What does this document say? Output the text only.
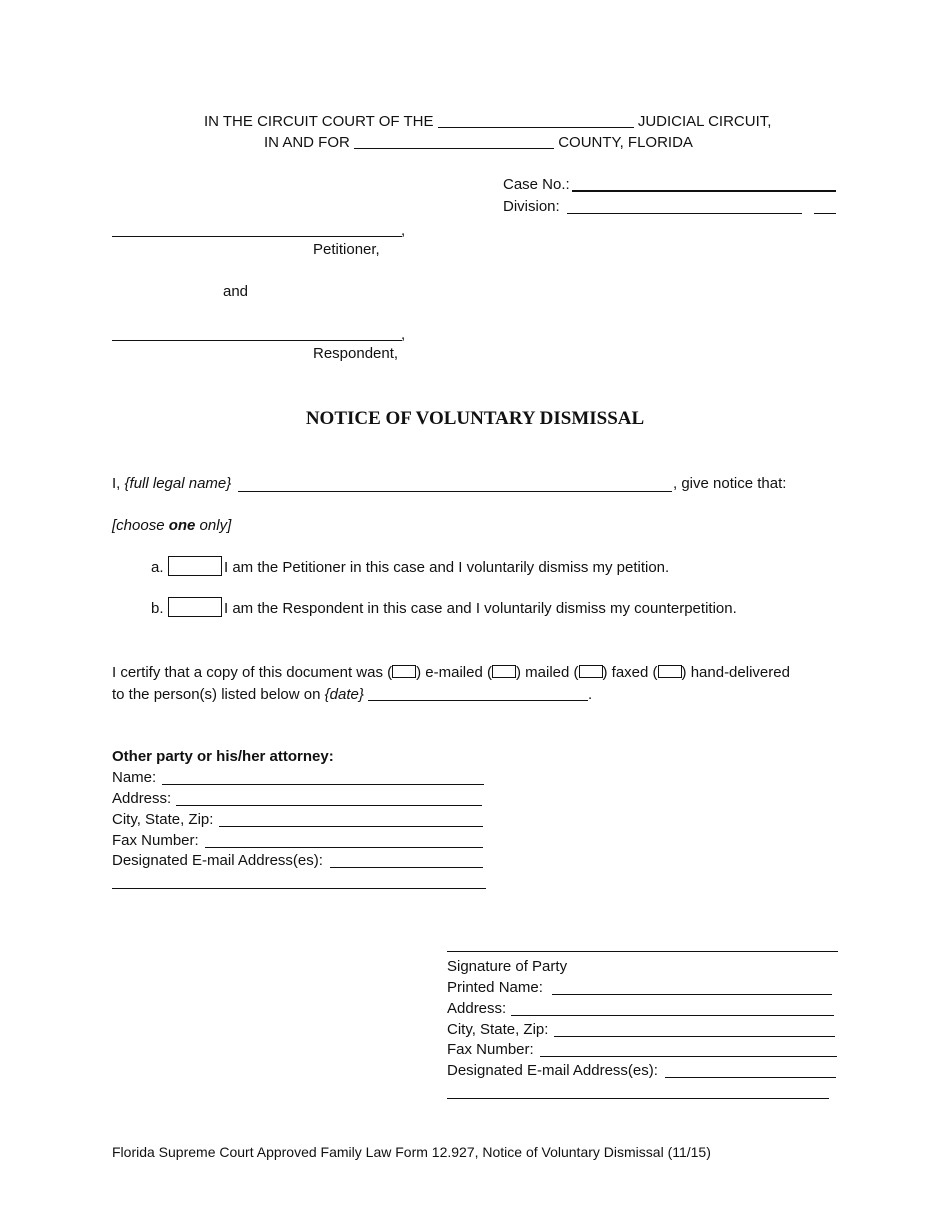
IN THE CIRCUIT COURT OF THE	JUDICIAL CIRCUIT,
IN AND FOR	COUNTY, FLORIDA
Case No.:
Division:
,
Petitioner,
and
,
Respondent,
NOTICE OF VOLUNTARY DISMISSAL
I, {full legal name}	, give notice that:
[choose one only]
a.	I am the Petitioner in this case and I voluntarily dismiss my petition.
b.	I am the Respondent in this case and I voluntarily dismiss my counterpetition.
I certify that a copy of this document was ( ) e-mailed ( ) mailed ( ) faxed ( ) hand-delivered
to the person(s) listed below on {date}	.
Other party or his/her attorney:
Name:
Address:
City, State, Zip:
Fax Number:
Designated E-mail Address(es):
Signature of Party
Printed Name:
Address:
City, State, Zip:
Fax Number:
Designated E-mail Address(es):
Florida Supreme Court Approved Family Law Form 12.927, Notice of Voluntary Dismissal (11/15)
